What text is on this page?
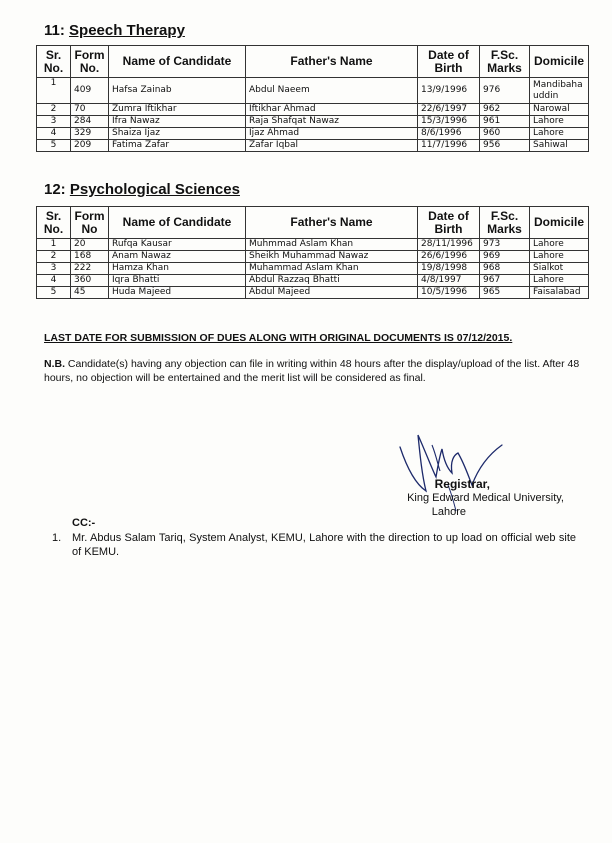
11: Speech Therapy
Sr. No.	Form No.	Name of Candidate	Father's Name	Date of Birth	F.Sc. Marks	Domicile
1	409	Hafsa Zainab	Abdul Naeem	13/9/1996	976	Mandibahauddin
2	70	Zumra Iftikhar	Iftikhar Ahmad	22/6/1997	962	Narowal
3	284	Ifra Nawaz	Raja Shafqat Nawaz	15/3/1996	961	Lahore
4	329	Shaiza Ijaz	Ijaz Ahmad	8/6/1996	960	Lahore
5	209	Fatima Zafar	Zafar Iqbal	11/7/1996	956	Sahiwal
12: Psychological Sciences
Sr. No.	Form No	Name of Candidate	Father's Name	Date of Birth	F.Sc. Marks	Domicile
1	20	Rufqa Kausar	Muhmmad Aslam Khan	28/11/1996	973	Lahore
2	168	Anam Nawaz	Sheikh Muhammad Nawaz	26/6/1996	969	Lahore
3	222	Hamza Khan	Muhammad Aslam Khan	19/8/1998	968	Sialkot
4	360	Iqra Bhatti	Abdul Razzaq Bhatti	4/8/1997	967	Lahore
5	45	Huda Majeed	Abdul Majeed	10/5/1996	965	Faisalabad
LAST DATE FOR SUBMISSION OF DUES ALONG WITH ORIGINAL DOCUMENTS IS 07/12/2015.
N.B. Candidate(s) having any objection can file in writing within 48 hours after the display/upload of the list. After 48 hours, no objection will be entertained and the merit list will be considered as final.
Registrar,
King Edward Medical University,
Lahore
CC:-
1. Mr. Abdus Salam Tariq, System Analyst, KEMU, Lahore with the direction to up load on official web site of KEMU.
